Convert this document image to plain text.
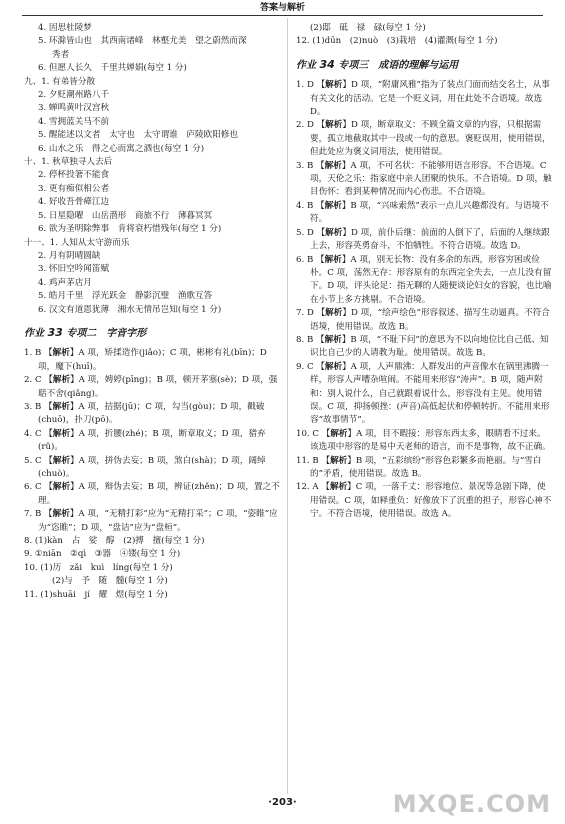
答案与解析
4. 因思杜陵梦
5. 环滁皆山也　其西南诸峰　林壑尤美　望之蔚然而深
秀者
6. 但愿人长久　千里共婵娟(每空 1 分)
九、1. 有弟皆分散
2. 夕贬潮州路八千
3. 蝉鸣黄叶汉宫秋
4. 雪拥蓝关马不前
5. 醒能述以文者　太守也　太守谓谁　庐陵欧阳修也
6. 山水之乐　得之心而寓之酒也(每空 1 分)
十、1. 秋草独寻人去后
2. 停杯投箸不能食
3. 更有痴似相公者
4. 好收吾骨瘴江边
5. 日星隐曜　山岳潜形　商旅不行　薄暮冥冥
6. 欲为圣明除弊事　肯将衰朽惜残年(每空 1 分)
十一、1. 人知从太守游而乐
2. 月有阴晴圆缺
3. 怀旧空吟闻笛赋
4. 鸡声茅店月
5. 皓月千里　浮光跃金　静影沉璧　渔歌互答
6. 汉文有道恩犹薄　湘水无情吊岂知(每空 1 分)
作业 33 专项二　字音字形
1. B 【 解析 】 A 项，矫揉造作(jiǎo)；C 项，彬彬有礼(bīn)；D 项，魔下(huī)。
2. C 【 解析 】 A 项，娉婷(pīng)；B 项，顿开茅塞(sè)；D 项，强聒不舍(qiǎng)。
3. B 【 解析 】 A 项，拮据(jū)；C 项，勾当(gòu)；D 项，戳破(chuō)，扑刀(pō)。
4. C 【 解析 】 A 项，折腰(zhé)；B 项，断章取义；D 项，猎弃(rǔ)。
5. C 【 解析 】 A 项，拼伪去妄；B 项，煞白(shà)；D 项，阔绰(chuò)。
6. C 【 解析 】 A 项，辩伪去妄；B 项，辨证(zhěn)；D 项，置之不理。
7. B 【 解析 】 A 项，“无精打彩”应为“无精打采”；C 项，“姿睢”应为“恣睢”；D 项，“盘诘”应为“盘桓”。
8. (1)kàn　占　娑　醇　(2)搏　擅(每空 1 分)
9. ①niān　②qì　③器　④镂(每空 1 分)
10. (1)历　zǎi　kuì　líng(每空 1 分)
(2)与　予　随　髓(每空 1 分)
11. (1)shuāi　jí　耀　煜(每空 1 分)
(2)邸　砥　禄　碌(每空 1 分)
12. (1)dūn　(2)nuò　(3)栽培　(4)灌溉(每空 1 分)
作业 34 专项三　成语的理解与运用
1. D 【 解析 】 D 项，“附庸风雅”指为了装点门面而结交名士，从事有关文化的活动。它是一个贬义词，用在此处不合语境。故选 D。
2. D 【 解析 】 D 项，断章取义：不顾全篇文章的内容，只根据需要，孤立地截取其中一段或一句的意思。褒贬误用，使用错误，但此处应为褒义词用法，使用错误。
3. B 【 解析 】 A 项，不可名状：不能够用语言形容。不合语境。C 项，天伦之乐：指家庭中亲人团聚的快乐。不合语境。D 项，触目伤怀：看到某种情况而内心伤悲。不合语境。
4. B 【 解析 】 B 项，“兴味索然”表示一点儿兴趣都没有。与语境不符。
5. D 【 解析 】 D 项，前仆后继：前面的人倒下了，后面的人继续跟上去，形容英勇奋斗，不怕牺牲。不符合语境。故选 D。
6. B 【 解析 】 A 项，别无长物：没有多余的东西，形容穷困或俭朴。C 项，荡然无存：形容原有的东西完全失去，一点儿没有留下。D 项，评头论足：指无聊的人随便谈论妇女的容貌，也比喻在小节上多方挑剔。不合语境。
7. D 【 解析 】 D 项，“绘声绘色”形容叙述、描写生动逼真。不符合语境，使用错误。故选 B。
8. B 【 解析 】 B 项，“不耻下问”的意思为不以向地位比自己低、知识比自己少的人请教为耻。使用错误。故选 B。
9. C 【 解析 】 A 项，人声鼎沸：人群发出的声音像水在锅里沸腾一样，形容人声嘈杂喧闹。不能用来形容“涛声”。B 项，随声附和：别人说什么，自己就跟着说什么，形容没有主见。使用错误。C 项，抑扬顿挫：(声音)高低起伏和停顿转折。不能用来形容“故事情节”。
10. C 【 解析 】 A 项，目不暇接：形容东西太多，眼睛看不过来。该选项中形容的是易中天老师的语言，而不是事物，故不正确。
11. B 【 解析 】 B 项，“五彩缤纷”形容色彩繁多而艳丽。与“雪白的”矛盾，使用错误。故选 B。
12. A 【 解析 】 C 项，一落千丈：形容地位、景况等急剧下降，使用错误。C 项，如释重负：好像放下了沉重的担子，形容心神不宁。不符合语境，使用错误。故选 A。
·203·	MXQE.COM
